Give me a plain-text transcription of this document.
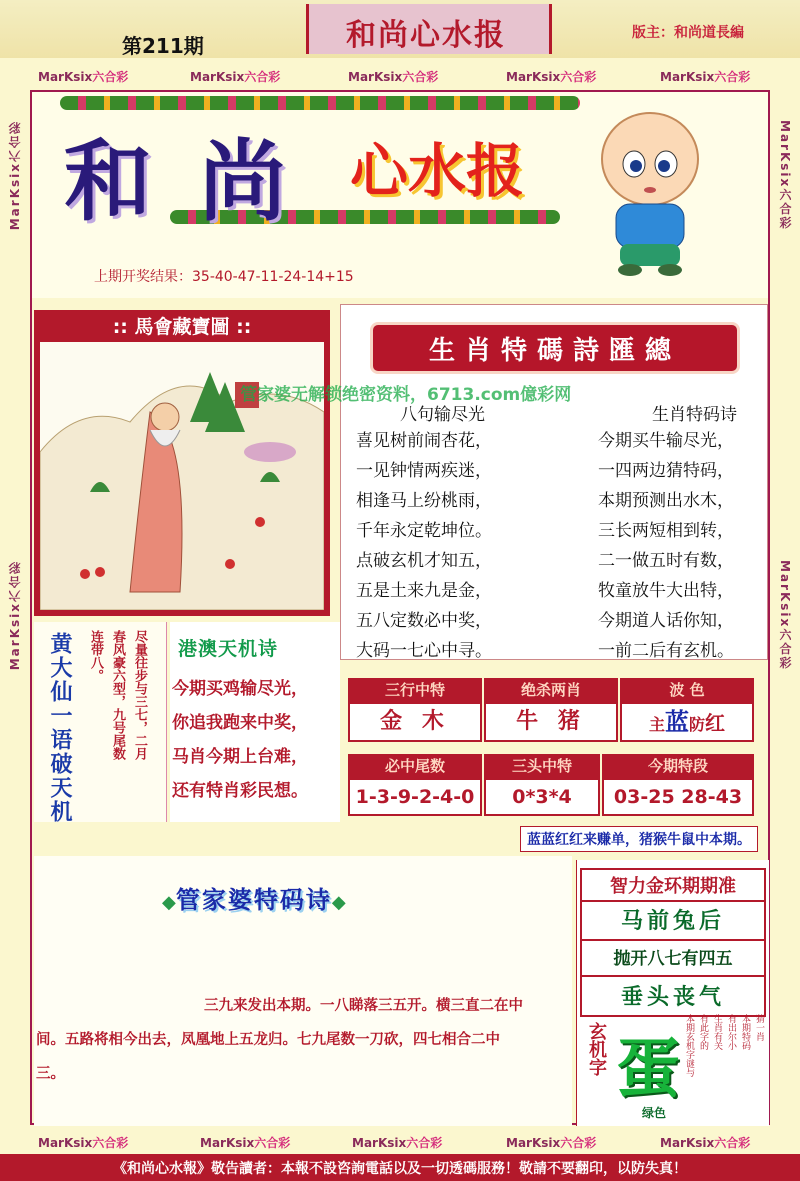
第211期	和尚心水报	版主：和尚道長編
MarKsix六合彩	MarKsix六合彩	MarKsix六合彩	MarKsix六合彩	MarKsix六合彩
MarKsix六合彩	MarKsix六合彩	MarKsix六合彩	MarKsix六合彩	MarKsix六合彩
MarKsix六合彩
MarKsix六合彩
MarKsix六合彩
MarKsix六合彩
和 尚 心水报
上期开奖结果：35-40-47-11-24-14+15
:: 馬會藏寶圖 ::
生肖特碼詩匯總
管家婆无解锁绝密资料，6713.com億彩网
八句输尽光	生肖特码诗
喜见树前闹杏花，
一见钟情两疾迷，
相逢马上纷桃雨，
千年永定乾坤位。
点破玄机才知五，
五是土来九是金，
五八定数必中奖，
大码一七心中寻。
今期买牛输尽光，
一四两边猜特码，
本期预测出水木，
三长两短相到转，
二一做五时有数，
牧童放牛大出特，
今期道人话你知，
一前二后有玄机。
黄大仙一语破天机 连带八。 春风豪六型，九号尾数 尽量往步与三七，二月 港澳天机诗
今期买鸡输尽光，
你追我跑来中奖，
马肖今期上台难，
还有特肖彩民想。
三行中特	绝杀两肖	波 色
金 木	牛 猪	主蓝防红
必中尾数	三头中特	今期特段
1-3-9-2-4-0	0*3*4	03-25 28-43
蓝蓝红红来赚单，猪猴牛鼠中本期。
◆管家婆特码诗◆
三九来发出本期。一八睇落三五开。横三直二在中
间。五路将相今出去，凤凰地上五龙归。七九尾数一刀砍，四七相合二中
三。
智力金环期期准
马前兔后
抛开八七有四五
垂头丧气
玄机字 蛋
绿色
猜一肖
本期特码
有出尔小
生肖有关
有此字的
本期玄机字谜与
《和尚心水報》敬告讀者：本報不設咨詢電話以及一切透碼服務！敬請不要翻印，以防失真！
